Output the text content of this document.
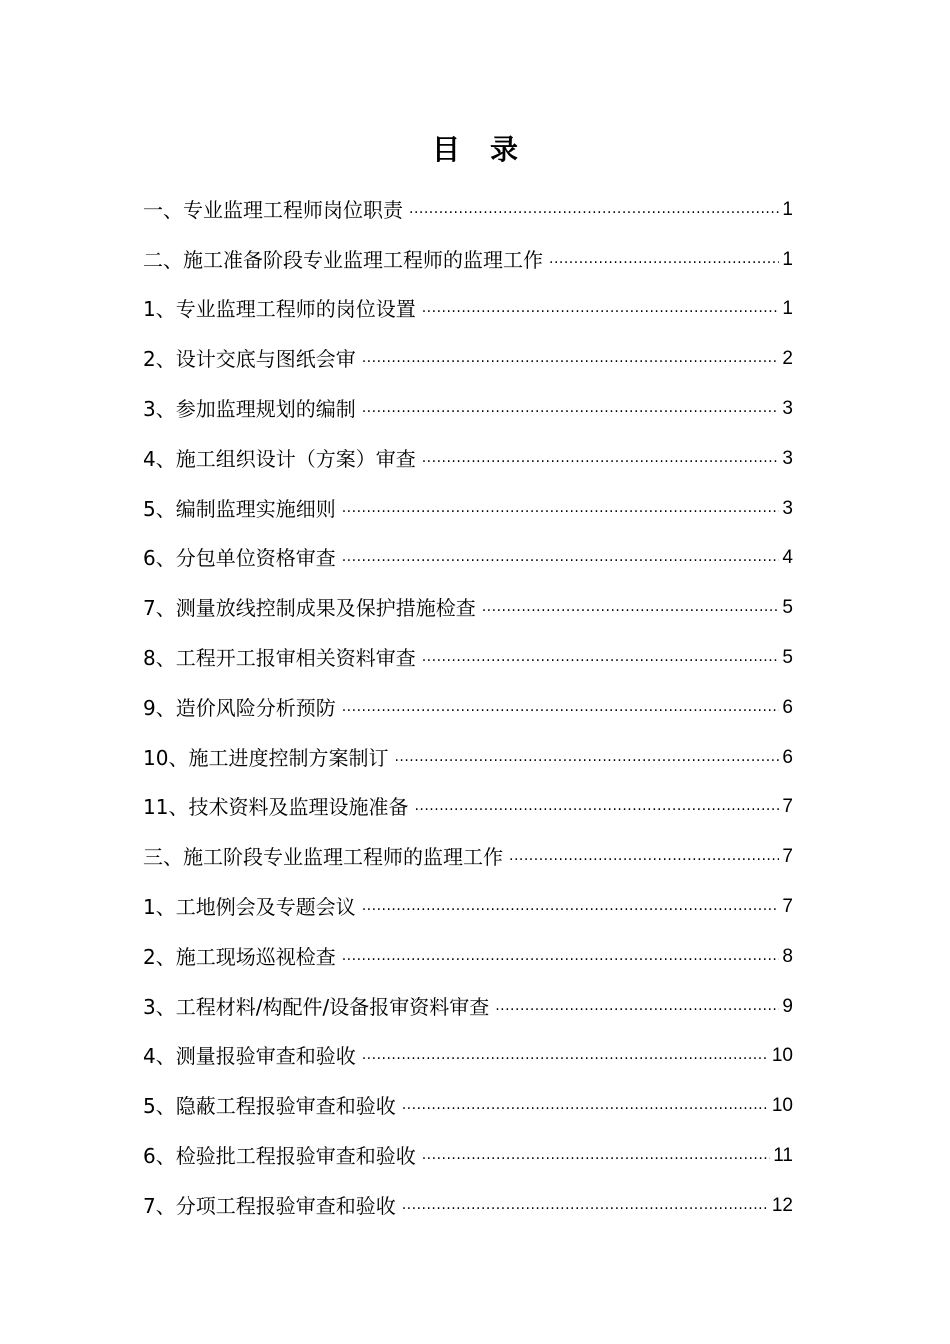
目录
一、专业监理工程师岗位职责 ·····	1
二、施工准备阶段专业监理工程师的监理工作 ·····	1
1、专业监理工程师的岗位设置 ·····	1
2、设计交底与图纸会审 ·····	2
3、参加监理规划的编制 ·····	3
4、施工组织设计（方案）审查 ·····	3
5、编制监理实施细则 ·····	3
6、分包单位资格审查 ·····	4
7、测量放线控制成果及保护措施检查 ·····	5
8、工程开工报审相关资料审查 ·····	5
9、造价风险分析预防 ·····	6
10、施工进度控制方案制订 ·····	6
11、技术资料及监理设施准备 ·····	7
三、施工阶段专业监理工程师的监理工作 ·····	7
1、工地例会及专题会议 ·····	7
2、施工现场巡视检查 ·····	8
3、工程材料/构配件/设备报审资料审查 ·····	9
4、测量报验审查和验收 ·····	10
5、隐蔽工程报验审查和验收 ·····	10
6、检验批工程报验审查和验收 ·····	11
7、分项工程报验审查和验收 ·····	12
